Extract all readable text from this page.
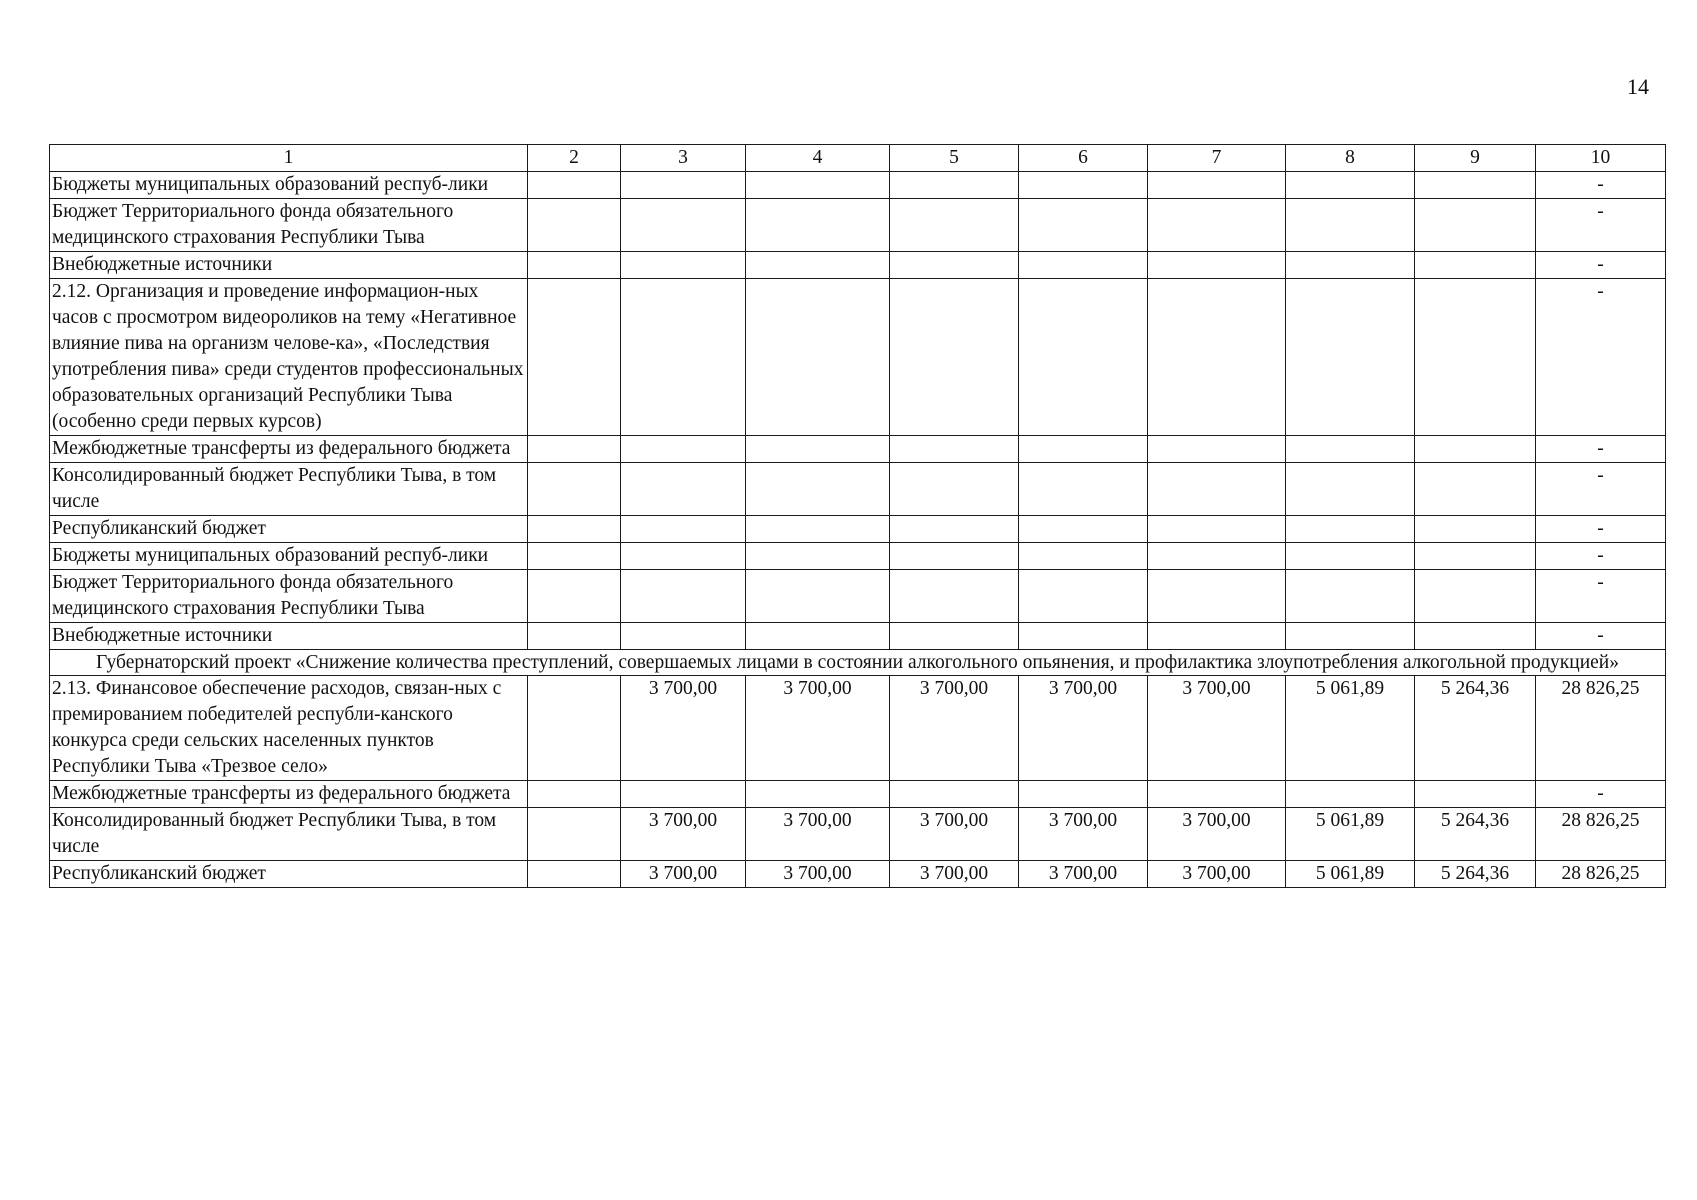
14
1	2	3	4	5	6	7	8	9	10
Бюджеты муниципальных образований респуб-лики									-
Бюджет Территориального фонда обязательного медицинского страхования Республики Тыва									-
Внебюджетные источники									-
2.12. Организация и проведение информацион-ных часов с просмотром видеороликов на тему «Негативное влияние пива на организм челове-ка», «Последствия употребления пива» среди студентов профессиональных образовательных организаций Республики Тыва (особенно среди первых курсов)									-
Межбюджетные трансферты из федерального бюджета									-
Консолидированный бюджет Республики Тыва, в том числе									-
Республиканский бюджет									-
Бюджеты муниципальных образований респуб-лики									-
Бюджет Территориального фонда обязательного медицинского страхования Республики Тыва									-
Внебюджетные источники									-
Губернаторский проект «Снижение количества преступлений, совершаемых лицами в состоянии алкогольного опьянения, и профилактика злоупотребления алкогольной продукцией»									
2.13. Финансовое обеспечение расходов, связан-ных с премированием победителей республи-канского конкурса среди сельских населенных пунктов Республики Тыва «Трезвое село»		3 700,00	3 700,00	3 700,00	3 700,00	3 700,00	5 061,89	5 264,36	28 826,25
Межбюджетные трансферты из федерального бюджета									-
Консолидированный бюджет Республики Тыва, в том числе		3 700,00	3 700,00	3 700,00	3 700,00	3 700,00	5 061,89	5 264,36	28 826,25
Республиканский бюджет		3 700,00	3 700,00	3 700,00	3 700,00	3 700,00	5 061,89	5 264,36	28 826,25
